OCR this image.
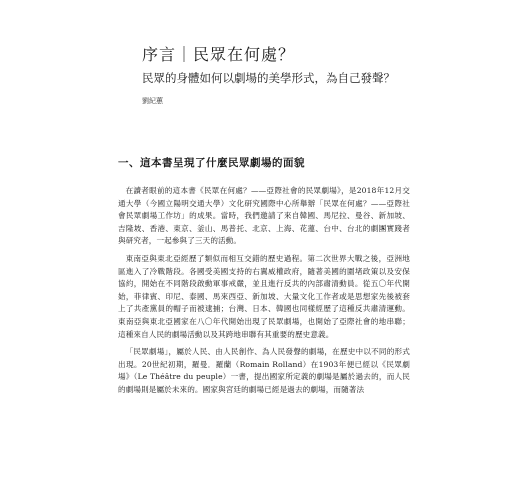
序言｜民眾在何處？

民眾的身體如何以劇場的美學形式，為自己發聲？

劉紀蕙
一、這本書呈現了什麼民眾劇場的面貌

在讀者眼前的這本書《民眾在何處？——亞際社會的民眾劇場》，是2018年12月交通大學（今國立陽明交通大學）文化研究國際中心所舉辦「民眾在何處？——亞際社會民眾劇場工作坊」的成果。當時，我們邀請了來自韓國、馬尼拉、曼谷、新加坡、吉隆坡、香港、東京、釜山、馬普托、北京、上海、花蓮、台中、台北的劇團實踐者與研究者，一起參與了三天的活動。

東南亞與東北亞經歷了類似而相互交錯的歷史過程。第二次世界大戰之後，亞洲地區進入了冷戰階段。各國受美國支持的右翼威權政府，隨著美國的圍堵政策以及安保協約，開始在不同階段啟動軍事戒嚴，並且進行反共的內部肅清動員。從五〇年代開始，菲律賓、印尼、泰國、馬來西亞、新加坡、大量文化工作者或是思想家先後被套上了共產黨員的帽子而被逮捕；台灣、日本、韓國也同樣經歷了這種反共肅清運動。東南亞與東北亞國家在八〇年代開始出現了民眾劇場，也開始了亞際社會的地串聯；這種來自人民的劇場活動以及其跨地串聯有其重要的歷史意義。

「民眾劇場」，屬於人民、由人民創作、為人民發聲的劇場，在歷史中以不同的形式出現。20世紀初期，羅曼．羅蘭（Romain Rolland）在1903年便已經以《民眾劇場》（Le Théâtre du peuple）一書，提出國家所定義的劇場是屬於過去的，而人民的劇場則是屬於未來的。國家與宮廷的劇場已經是過去的劇場，而隨著法
